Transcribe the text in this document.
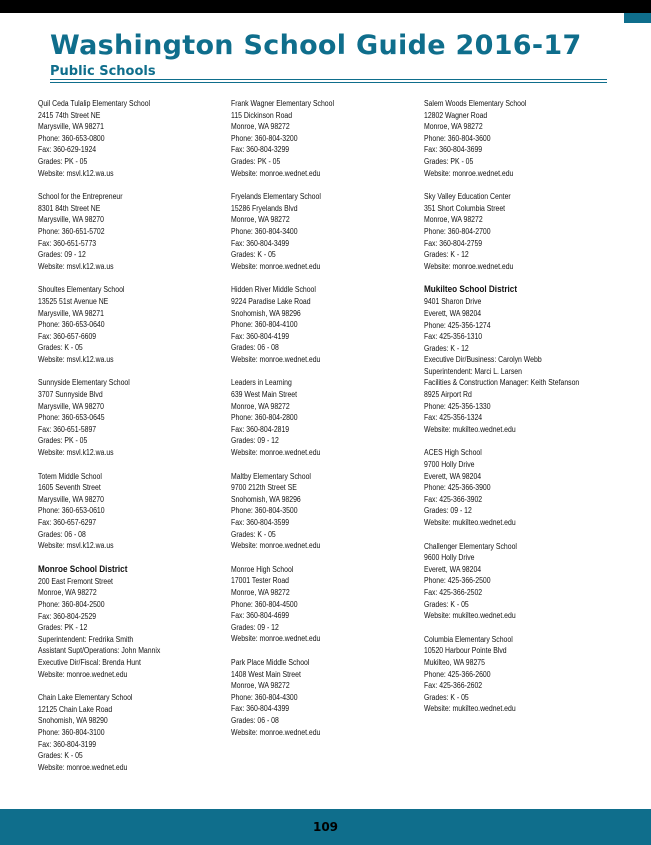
Washington School Guide 2016-17
Public Schools
Quil Ceda Tulalip Elementary School
2415 74th Street NE
Marysville, WA 98271
Phone: 360-653-0800
Fax: 360-629-1924
Grades: PK - 05
Website: msvl.k12.wa.us
School for the Entrepreneur
8301 84th Street NE
Marysville, WA 98270
Phone: 360-651-5702
Fax: 360-651-5773
Grades: 09 - 12
Website: msvl.k12.wa.us
Shoultes Elementary School
13525 51st Avenue NE
Marysville, WA 98271
Phone: 360-653-0640
Fax: 360-657-6609
Grades: K - 05
Website: msvl.k12.wa.us
Sunnyside Elementary School
3707 Sunnyside Blvd
Marysville, WA 98270
Phone: 360-653-0645
Fax: 360-651-5897
Grades: PK - 05
Website: msvl.k12.wa.us
Totem Middle School
1605 Seventh Street
Marysville, WA 98270
Phone: 360-653-0610
Fax: 360-657-6297
Grades: 06 - 08
Website: msvl.k12.wa.us
Monroe School District
200 East Fremont Street
Monroe, WA 98272
Phone: 360-804-2500
Fax: 360-804-2529
Grades: PK - 12
Superintendent: Fredrika Smith
Assistant Supt/Operations: John Mannix
Executive Dir/Fiscal: Brenda Hunt
Website: monroe.wednet.edu
Chain Lake Elementary School
12125 Chain Lake Road
Snohomish, WA 98290
Phone: 360-804-3100
Fax: 360-804-3199
Grades: K - 05
Website: monroe.wednet.edu
Frank Wagner Elementary School
115 Dickinson Road
Monroe, WA 98272
Phone: 360-804-3200
Fax: 360-804-3299
Grades: PK - 05
Website: monroe.wednet.edu
Fryelands Elementary School
15286 Fryelands Blvd
Monroe, WA 98272
Phone: 360-804-3400
Fax: 360-804-3499
Grades: K - 05
Website: monroe.wednet.edu
Hidden River Middle School
9224 Paradise Lake Road
Snohomish, WA 98296
Phone: 360-804-4100
Fax: 360-804-4199
Grades: 06 - 08
Website: monroe.wednet.edu
Leaders in Learning
639 West Main Street
Monroe, WA 98272
Phone: 360-804-2800
Fax: 360-804-2819
Grades: 09 - 12
Website: monroe.wednet.edu
Maltby Elementary School
9700 212th Street SE
Snohomish, WA 98296
Phone: 360-804-3500
Fax: 360-804-3599
Grades: K - 05
Website: monroe.wednet.edu
Monroe High School
17001 Tester Road
Monroe, WA 98272
Phone: 360-804-4500
Fax: 360-804-4699
Grades: 09 - 12
Website: monroe.wednet.edu
Park Place Middle School
1408 West Main Street
Monroe, WA 98272
Phone: 360-804-4300
Fax: 360-804-4399
Grades: 06 - 08
Website: monroe.wednet.edu
Salem Woods Elementary School
12802 Wagner Road
Monroe, WA 98272
Phone: 360-804-3600
Fax: 360-804-3699
Grades: PK - 05
Website: monroe.wednet.edu
Sky Valley Education Center
351 Short Columbia Street
Monroe, WA 98272
Phone: 360-804-2700
Fax: 360-804-2759
Grades: K - 12
Website: monroe.wednet.edu
Mukilteo School District
9401 Sharon Drive
Everett, WA 98204
Phone: 425-356-1274
Fax: 425-356-1310
Grades: K - 12
Executive Dir/Business: Carolyn Webb
Superintendent: Marci L. Larsen
Facilities & Construction Manager: Keith Stefanson
8925 Airport Rd
Phone: 425-356-1330
Fax: 425-356-1324
Website: mukilteo.wednet.edu
ACES High School
9700 Holly Drive
Everett, WA 98204
Phone: 425-366-3900
Fax: 425-366-3902
Grades: 09 - 12
Website: mukilteo.wednet.edu
Challenger Elementary School
9600 Holly Drive
Everett, WA 98204
Phone: 425-366-2500
Fax: 425-366-2502
Grades: K - 05
Website: mukilteo.wednet.edu
Columbia Elementary School
10520 Harbour Pointe Blvd
Mukilteo, WA 98275
Phone: 425-366-2600
Fax: 425-366-2602
Grades: K - 05
Website: mukilteo.wednet.edu
109
